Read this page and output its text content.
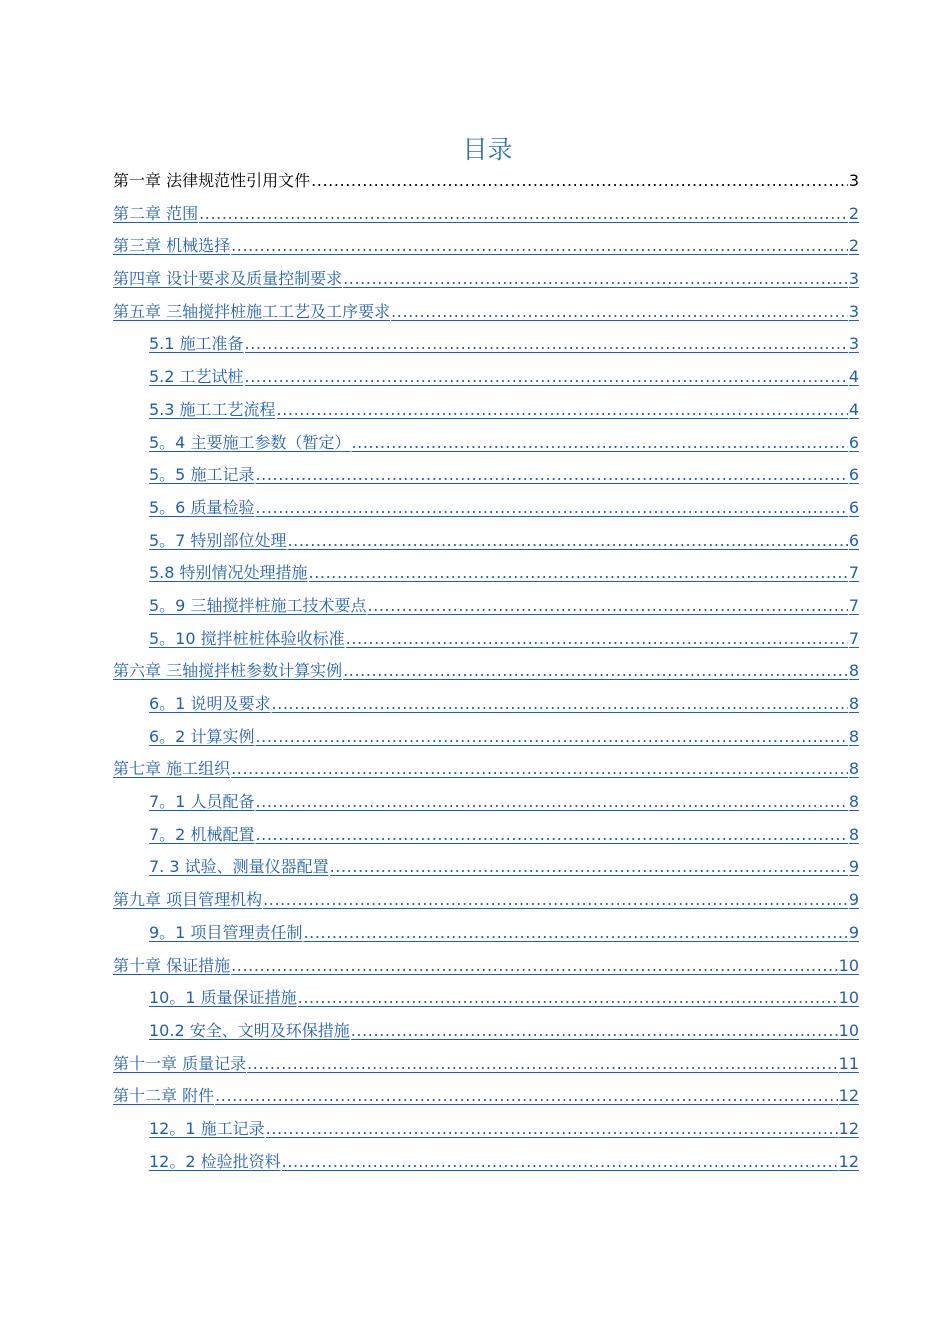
目录
第一章 法律规范性引用文件 .....	3
第二章 范围 .....	2
第三章 机械选择 .....	2
第四章 设计要求及质量控制要求 .....	3
第五章 三轴搅拌桩施工工艺及工序要求 .....	3
5.1 施工准备 .....	3
5.2 工艺试桩 .....	4
5.3 施工工艺流程 .....	4
5。4 主要施工参数（暂定） .....	6
5。5 施工记录 .....	6
5。6 质量检验 .....	6
5。7 特别部位处理 .....	6
5.8 特别情况处理措施 .....	7
5。9 三轴搅拌桩施工技术要点 .....	7
5。10 搅拌桩桩体验收标准 .....	7
第六章 三轴搅拌桩参数计算实例 .....	8
6。1 说明及要求 .....	8
6。2 计算实例 .....	8
第七章 施工组织 .....	8
7。1 人员配备 .....	8
7。2 机械配置 .....	8
7. 3 试验、测量仪器配置 .....	9
第九章 项目管理机构 .....	9
9。1 项目管理责任制 .....	9
第十章 保证措施 .....	10
10。1 质量保证措施 .....	10
10.2 安全、文明及环保措施 .....	10
第十一章 质量记录 .....	11
第十二章 附件 .....	12
12。1 施工记录 .....	12
12。2 检验批资料 .....	12
